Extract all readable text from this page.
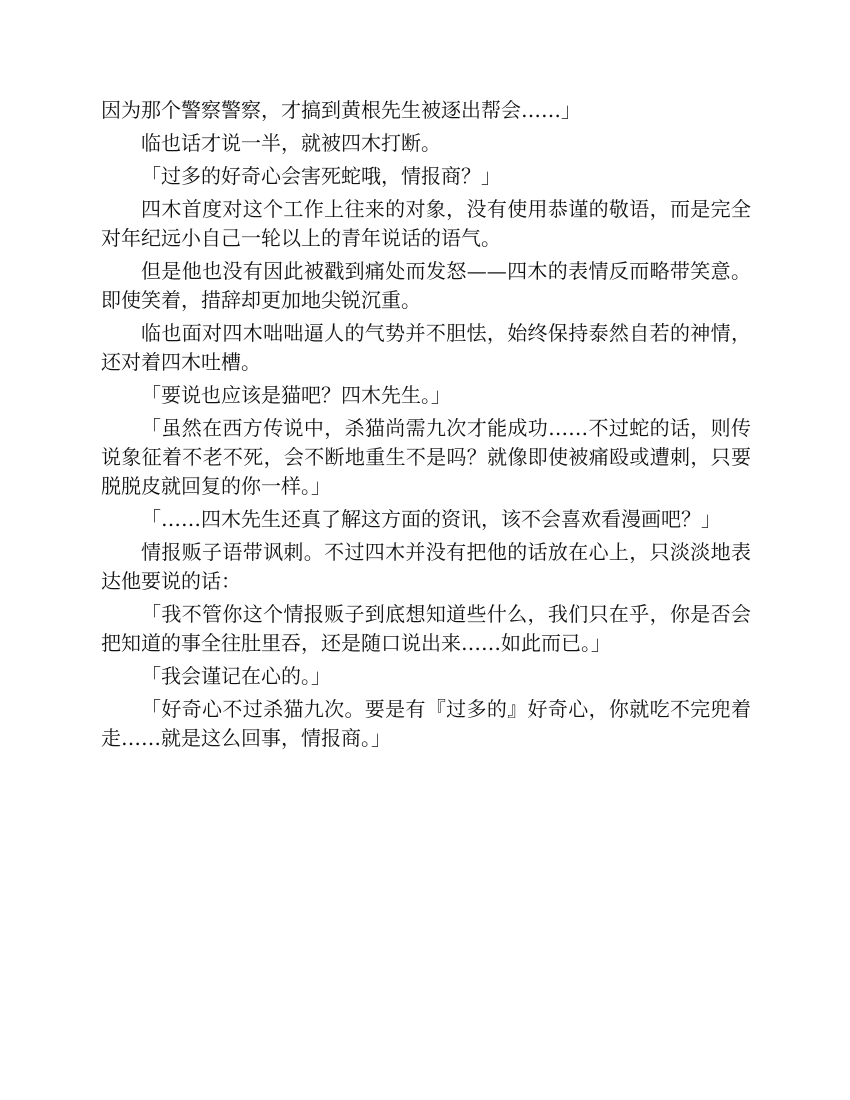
因为那个警察警察，才搞到黄根先生被逐出帮会……」

临也话才说一半，就被四木打断。

「过多的好奇心会害死蛇哦，情报商？」

四木首度对这个工作上往来的对象，没有使用恭谨的敬语，而是完全对年纪远小自己一轮以上的青年说话的语气。

但是他也没有因此被戳到痛处而发怒——四木的表情反而略带笑意。即使笑着，措辞却更加地尖锐沉重。

临也面对四木咄咄逼人的气势并不胆怯，始终保持泰然自若的神情，还对着四木吐槽。

「要说也应该是猫吧？四木先生。」

「虽然在西方传说中，杀猫尚需九次才能成功……不过蛇的话，则传说象征着不老不死，会不断地重生不是吗？就像即使被痛殴或遭刺，只要脱脱皮就回复的你一样。」

「……四木先生还真了解这方面的资讯，该不会喜欢看漫画吧？」

情报贩子语带讽刺。不过四木并没有把他的话放在心上，只淡淡地表达他要说的话：

「我不管你这个情报贩子到底想知道些什么，我们只在乎，你是否会把知道的事全往肚里吞，还是随口说出来……如此而已。」

「我会谨记在心的。」

「好奇心不过杀猫九次。要是有『过多的』好奇心，你就吃不完兜着走……就是这么回事，情报商。」
